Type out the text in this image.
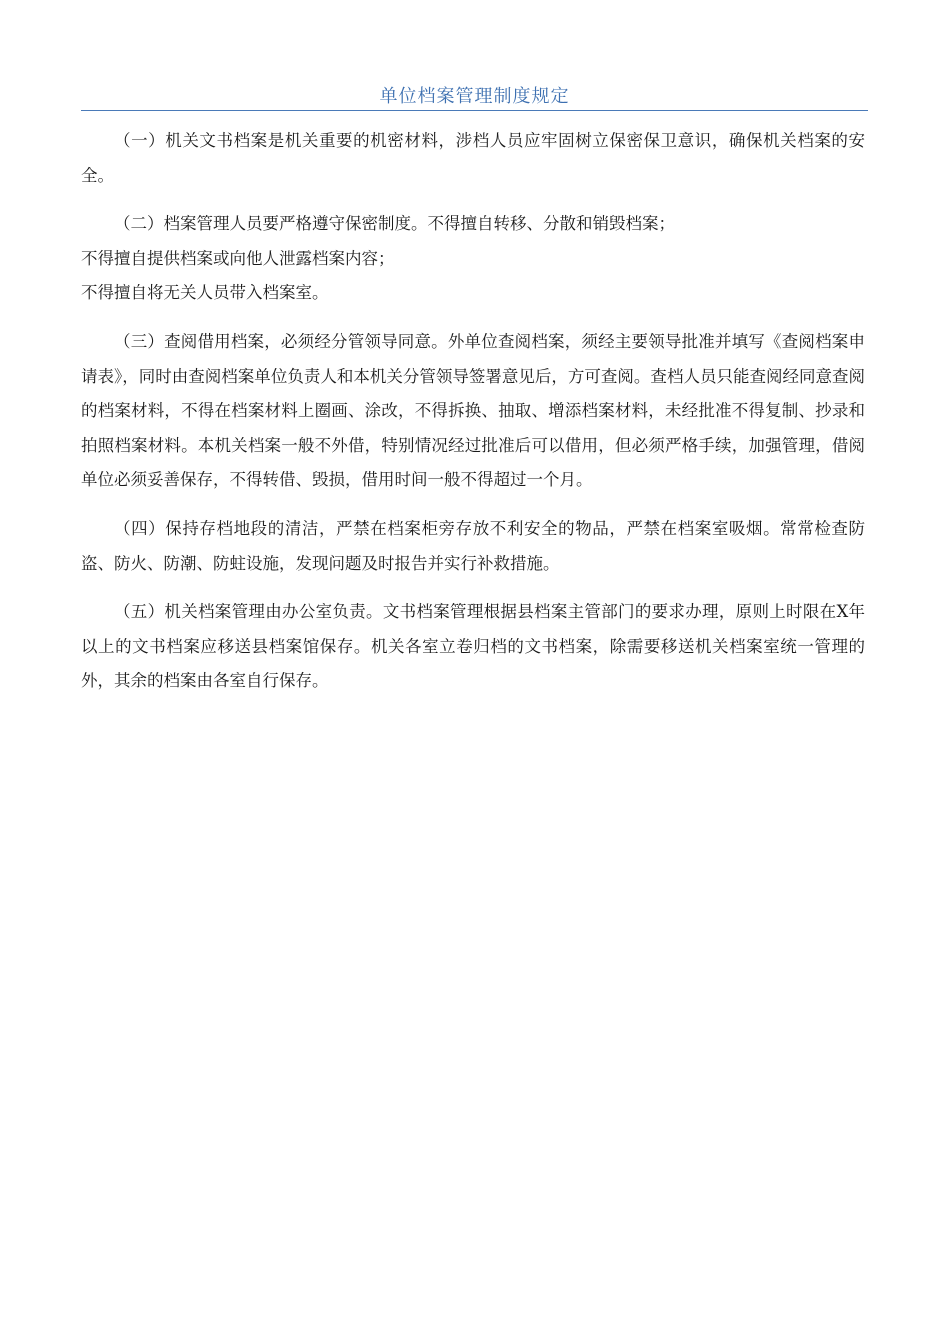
单位档案管理制度规定

（一）机关文书档案是机关重要的机密材料，涉档人员应牢固树立保密保卫意识，确保机关档案的安全。

（二）档案管理人员要严格遵守保密制度。不得擅自转移、分散和销毁档案；

不得擅自提供档案或向他人泄露档案内容；

不得擅自将无关人员带入档案室。

（三）查阅借用档案，必须经分管领导同意。外单位查阅档案，须经主要领导批准并填写《查阅档案申请表》，同时由查阅档案单位负责人和本机关分管领导签署意见后，方可查阅。查档人员只能查阅经同意查阅的档案材料，不得在档案材料上圈画、涂改，不得拆换、抽取、增添档案材料，未经批准不得复制、抄录和拍照档案材料。本机关档案一般不外借，特别情况经过批准后可以借用，但必须严格手续，加强管理，借阅单位必须妥善保存，不得转借、毁损，借用时间一般不得超过一个月。

（四）保持存档地段的清洁，严禁在档案柜旁存放不利安全的物品，严禁在档案室吸烟。常常检查防盗、防火、防潮、防蛀设施，发现问题及时报告并实行补救措施。

（五）机关档案管理由办公室负责。文书档案管理根据县档案主管部门的要求办理，原则上时限在X年以上的文书档案应移送县档案馆保存。机关各室立卷归档的文书档案，除需要移送机关档案室统一管理的外，其余的档案由各室自行保存。
